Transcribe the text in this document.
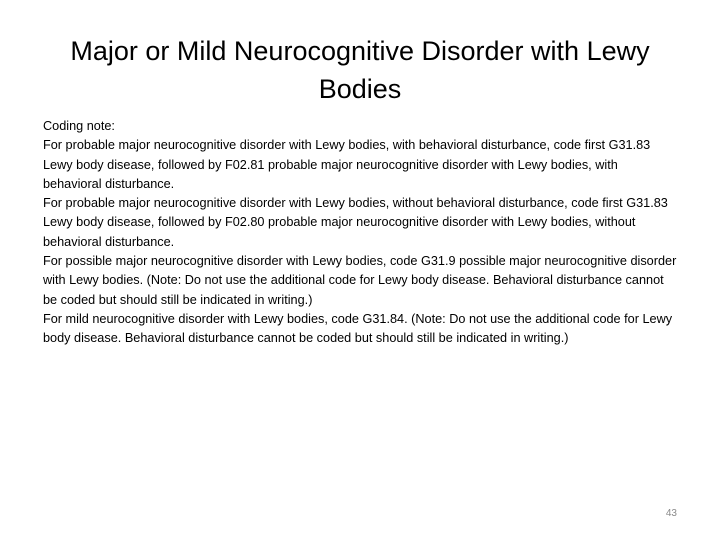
Major or Mild Neurocognitive Disorder with Lewy Bodies

Coding note:

For probable major neurocognitive disorder with Lewy bodies, with behavioral disturbance, code first G31.83 Lewy body disease, followed by F02.81 probable major neurocognitive disorder with Lewy bodies, with behavioral disturbance.

For probable major neurocognitive disorder with Lewy bodies, without behavioral disturbance, code first G31.83 Lewy body disease, followed by F02.80 probable major neurocognitive disorder with Lewy bodies, without behavioral disturbance.

For possible major neurocognitive disorder with Lewy bodies, code G31.9 possible major neurocognitive disorder with Lewy bodies. (Note: Do not use the additional code for Lewy body disease. Behavioral disturbance cannot be coded but should still be indicated in writing.)

For mild neurocognitive disorder with Lewy bodies, code G31.84. (Note: Do not use the additional code for Lewy body disease. Behavioral disturbance cannot be coded but should still be indicated in writing.)

43
